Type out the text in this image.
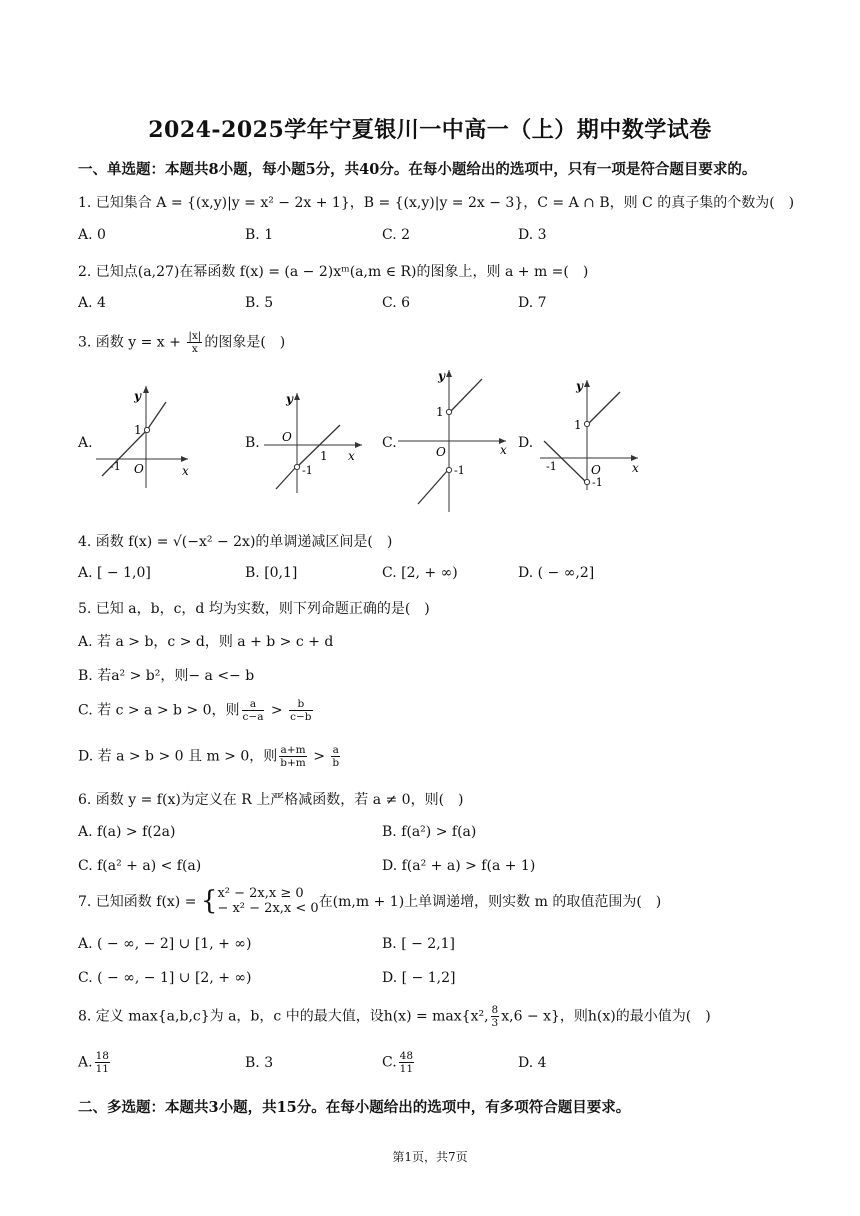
2024-2025学年宁夏银川一中高一（上）期中数学试卷
一、单选题：本题共8小题，每小题5分，共40分。在每小题给出的选项中，只有一项是符合题目要求的。
1. 已知集合 A = {(x,y)|y = x² − 2x + 1}，B = {(x,y)|y = 2x − 3}，C = A ∩ B，则 C 的真子集的个数为(　)
A. 0	B. 1	C. 2	D. 3
2. 已知点(a,27)在幂函数 f(x) = (a − 2)xᵐ(a,m ∈ R)的图象上，则 a + m =(　)
A. 4	B. 5	C. 6	D. 7
3. 函数 $y = x + \frac{|x|}{x}$ 的图象是(　)
A.	B.	C.	D.
y
x
1
O
-1
y
x
O
1
-1
y
x
1
O
-1
y
x
1
O
-1
-1
4. 函数 f(x) = √(−x² − 2x)的单调递减区间是(　)
A. [ − 1,0]	B. [0,1]	C. [2, + ∞)	D. ( − ∞,2]
5. 已知 a，b，c，d 均为实数，则下列命题正确的是(　)
A. 若 a > b，c > d，则 a + b > c + d
B. 若a² > b²，则− a <− b
C. 若 c > a > b > 0，则 $\frac{a}{c-a} > \frac{b}{c-b}$
D. 若 a > b > 0 且 m > 0，则 $\frac{a+m}{b+m} > \frac{a}{b}$
6. 函数 y = f(x)为定义在 R 上严格减函数，若 a ≠ 0，则(　)
A. f(a) > f(2a)	B. f(a²) > f(a)
C. f(a² + a) < f(a)	D. f(a² + a) > f(a + 1)
7. 已知函数 f(x) = { x² − 2x,x ≥ 0
− x² − 2x,x < 0 在(m,m + 1)上单调递增，则实数 m 的取值范围为(　)
A. ( − ∞, − 2] ∪ [1, + ∞)	B. [ − 2,1]
C. ( − ∞, − 1] ∪ [2, + ∞)	D. [ − 1,2]
8. 定义 max{a,b,c}为 a，b，c 中的最大值，设h(x) = max{x², $\frac{8}{3} x,6 - x$}，则h(x)的最小值为(　)
A. $\frac{18}{11}$	B. 3	C. $\frac{48}{11}$	D. 4
二、多选题：本题共3小题，共15分。在每小题给出的选项中，有多项符合题目要求。
第1页，共7页
